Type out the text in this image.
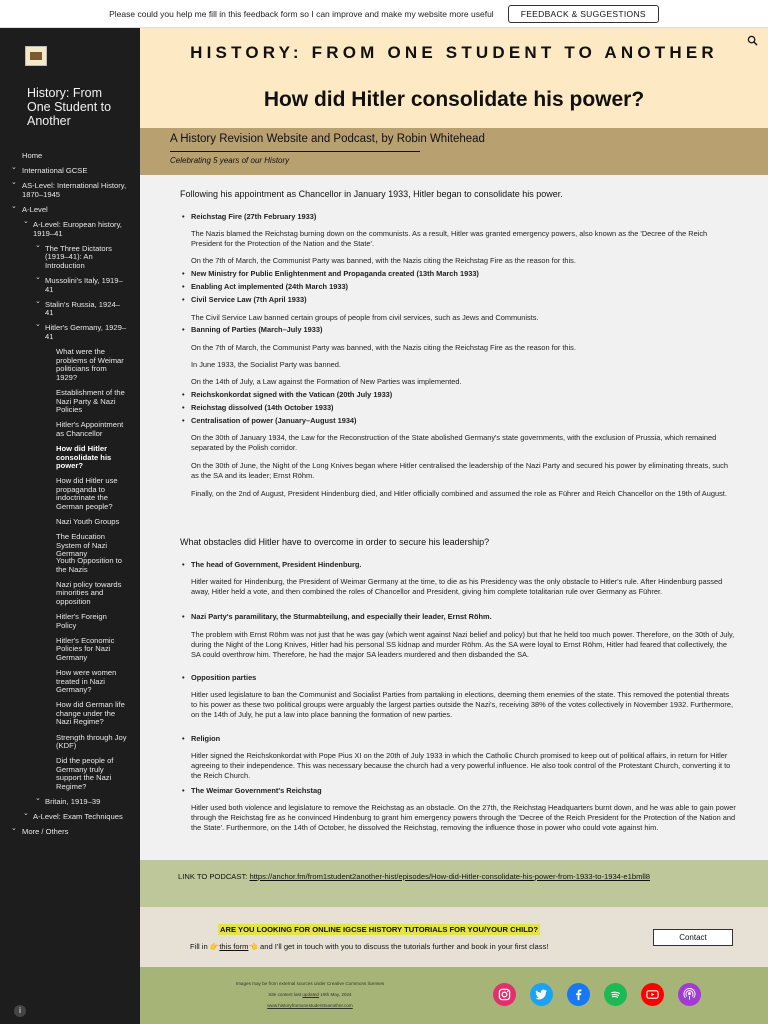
Please could you help me fill in this feedback form so I can improve and make my website more useful	FEEDBACK & SUGGESTIONS
History: From One Student to Another
Home
⌄ International GCSE
⌄ AS-Level: International History, 1870–1945
⌄ A-Level
⌄ A-Level: European history, 1919–41
⌄ The Three Dictators (1919–41): An Introduction
⌄ Mussolini's Italy, 1919–41
⌄ Stalin's Russia, 1924–41
⌄ Hitler's Germany, 1929–41
What were the problems of Weimar politicians from 1929?
Establishment of the Nazi Party & Nazi Policies
Hitler's Appointment as Chancellor
How did Hitler consolidate his power?
How did Hitler use propaganda to indoctrinate the German people?
Nazi Youth Groups
The Education System of Nazi Germany
Youth Opposition to the Nazis
Nazi policy towards minorities and opposition
Hitler's Foreign Policy
Hitler's Economic Policies for Nazi Germany
How were women treated in Nazi Germany?
How did German life change under the Nazi Regime?
Strength through Joy (KDF)
Did the people of Germany truly support the Nazi Regime?
⌄ Britain, 1919–39
⌄ A-Level: Exam Techniques
⌄ More / Others
HISTORY: FROM ONE STUDENT TO ANOTHER
How did Hitler consolidate his power?
A History Revision Website and Podcast, by Robin Whitehead
Celebrating 5 years of our History
Following his appointment as Chancellor in January 1933, Hitler began to consolidate his power.
• Reichstag Fire (27th February 1933)
The Nazis blamed the Reichstag burning down on the communists. As a result, Hitler was granted emergency powers, also known as the 'Decree of the Reich President for the Protection of the Nation and the State'.
On the 7th of March, the Communist Party was banned, with the Nazis citing the Reichstag Fire as the reason for this.
• New Ministry for Public Enlightenment and Propaganda created (13th March 1933)
• Enabling Act implemented (24th March 1933)
• Civil Service Law (7th April 1933)
The Civil Service Law banned certain groups of people from civil services, such as Jews and Communists.
• Banning of Parties (March–July 1933)
On the 7th of March, the Communist Party was banned, with the Nazis citing the Reichstag Fire as the reason for this.
In June 1933, the Socialist Party was banned.
On the 14th of July, a Law against the Formation of New Parties was implemented.
• Reichskonkordat signed with the Vatican (20th July 1933)
• Reichstag dissolved (14th October 1933)
• Centralisation of power (January–August 1934)
On the 30th of January 1934, the Law for the Reconstruction of the State abolished Germany's state governments, with the exclusion of Prussia, which remained separated by the Polish corridor.
On the 30th of June, the Night of the Long Knives began where Hitler centralised the leadership of the Nazi Party and secured his power by eliminating threats, such as the SA and its leader; Ernst Röhm.
Finally, on the 2nd of August, President Hindenburg died, and Hitler officially combined and assumed the role as Führer and Reich Chancellor on the 19th of August.
What obstacles did Hitler have to overcome in order to secure his leadership?
• The head of Government, President Hindenburg.
Hitler waited for Hindenburg, the President of Weimar Germany at the time, to die as his Presidency was the only obstacle to Hitler's rule. After Hindenburg passed away, Hitler held a vote, and then combined the roles of Chancellor and President, giving him complete totalitarian rule over Germany as Führer.
• Nazi Party's paramilitary, the Sturmabteilung, and especially their leader, Ernst Röhm.
The problem with Ernst Röhm was not just that he was gay (which went against Nazi belief and policy) but that he held too much power. Therefore, on the 30th of July, during the Night of the Long Knives, Hitler had his personal SS kidnap and murder Röhm. As the SA were loyal to Ernst Röhm, Hitler had feared that collectively, the SA could overthrow him. Therefore, he had the major SA leaders murdered and then disbanded the SA.
• Opposition parties
Hitler used legislature to ban the Communist and Socialist Parties from partaking in elections, deeming them enemies of the state. This removed the potential threats to his power as these two political groups were arguably the largest parties outside the Nazi's, receiving 38% of the votes collectively in November 1932. Furthermore, on the 14th of July, he put a law into place banning the formation of new parties.
• Religion
Hitler signed the Reichskonkordat with Pope Pius XI on the 20th of July 1933 in which the Catholic Church promised to keep out of political affairs, in return for Hitler agreeing to their independence. This was necessary because the church had a very powerful influence. He also took control of the Protestant Church, converting it to the Reich Church.
• The Weimar Government's Reichstag
Hitler used both violence and legislature to remove the Reichstag as an obstacle. On the 27th, the Reichstag Headquarters burnt down, and he was able to gain power through the Reichstag fire as he convinced Hindenburg to grant him emergency powers through the 'Decree of the Reich President for the Protection of the Nation and the State'. Furthermore, on the 14th of October, he dissolved the Reichstag, removing the influence those in power who could vote against him.
LINK TO PODCAST: https://anchor.fm/from1student2another-hist/episodes/How-did-Hitler-consolidate-his-power-from-1933-to-1934-e1bmll8
ARE YOU LOOKING FOR ONLINE IGCSE HISTORY TUTORIALS FOR YOU/YOUR CHILD?
Fill in 👉this form👈 and I'll get in touch with you to discuss the tutorials further and book in your first class!
Contact
Images may be from external sources under Creative Commons licenses
Site content last updated 19th May, 2024
www.historyfromonestudenttoanother.com
i
